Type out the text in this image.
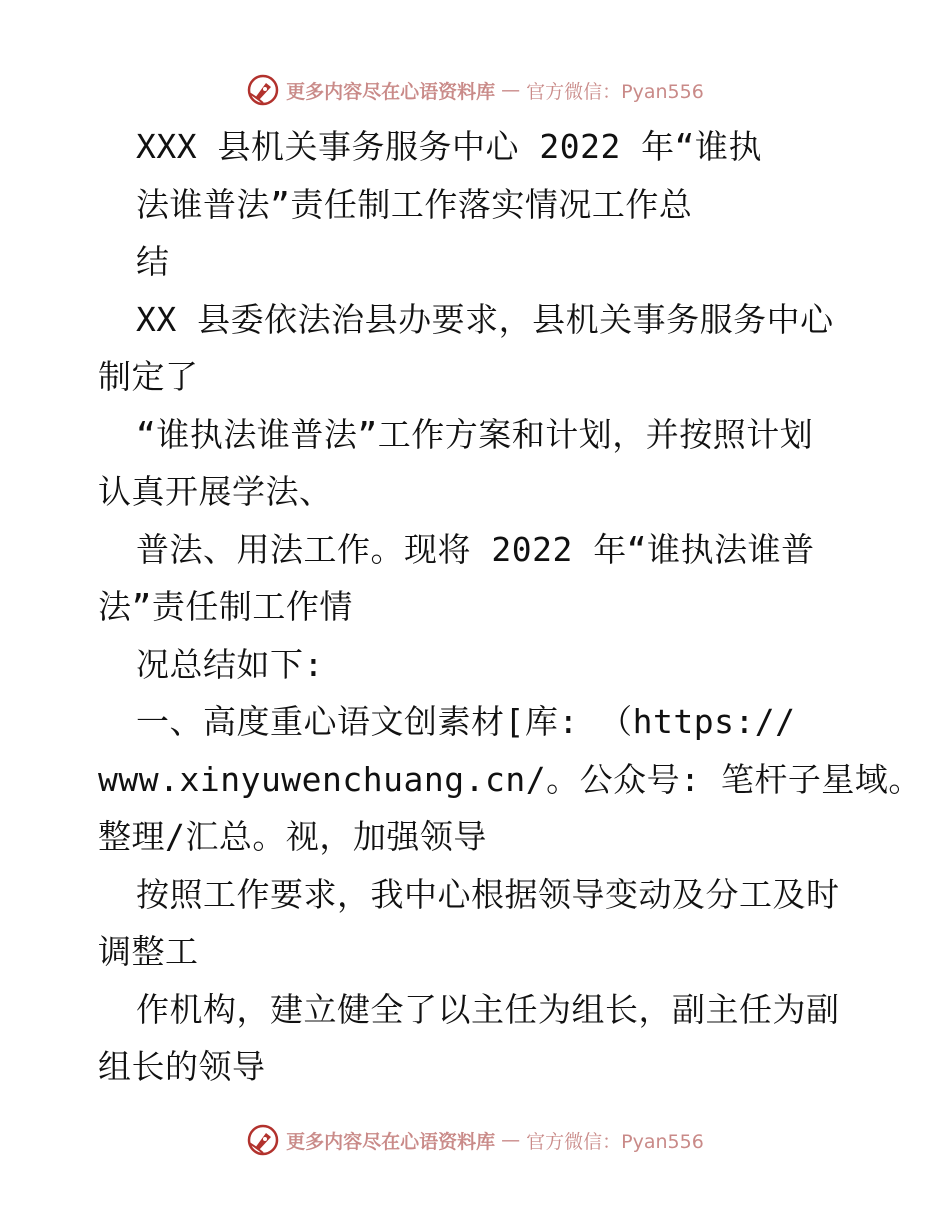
更多内容尽在心语资料库 — 官方微信：Pyan556
XXX 县机关事务服务中心 2022 年“谁执
法谁普法”责任制工作落实情况工作总
结
XX 县委依法治县办要求，县机关事务服务中心
制定了
“谁执法谁普法”工作方案和计划，并按照计划
认真开展学法、
普法、用法工作。现将 2022 年“谁执法谁普
法”责任制工作情
况总结如下:
一、高度重心语文创素材[库: （https://
www.xinyuwenchuang.cn/。公众号: 笔杆子星域。
整理/汇总。视，加强领导
按照工作要求，我中心根据领导变动及分工及时
调整工
作机构，建立健全了以主任为组长，副主任为副
组长的领导
更多内容尽在心语资料库 — 官方微信：Pyan556
